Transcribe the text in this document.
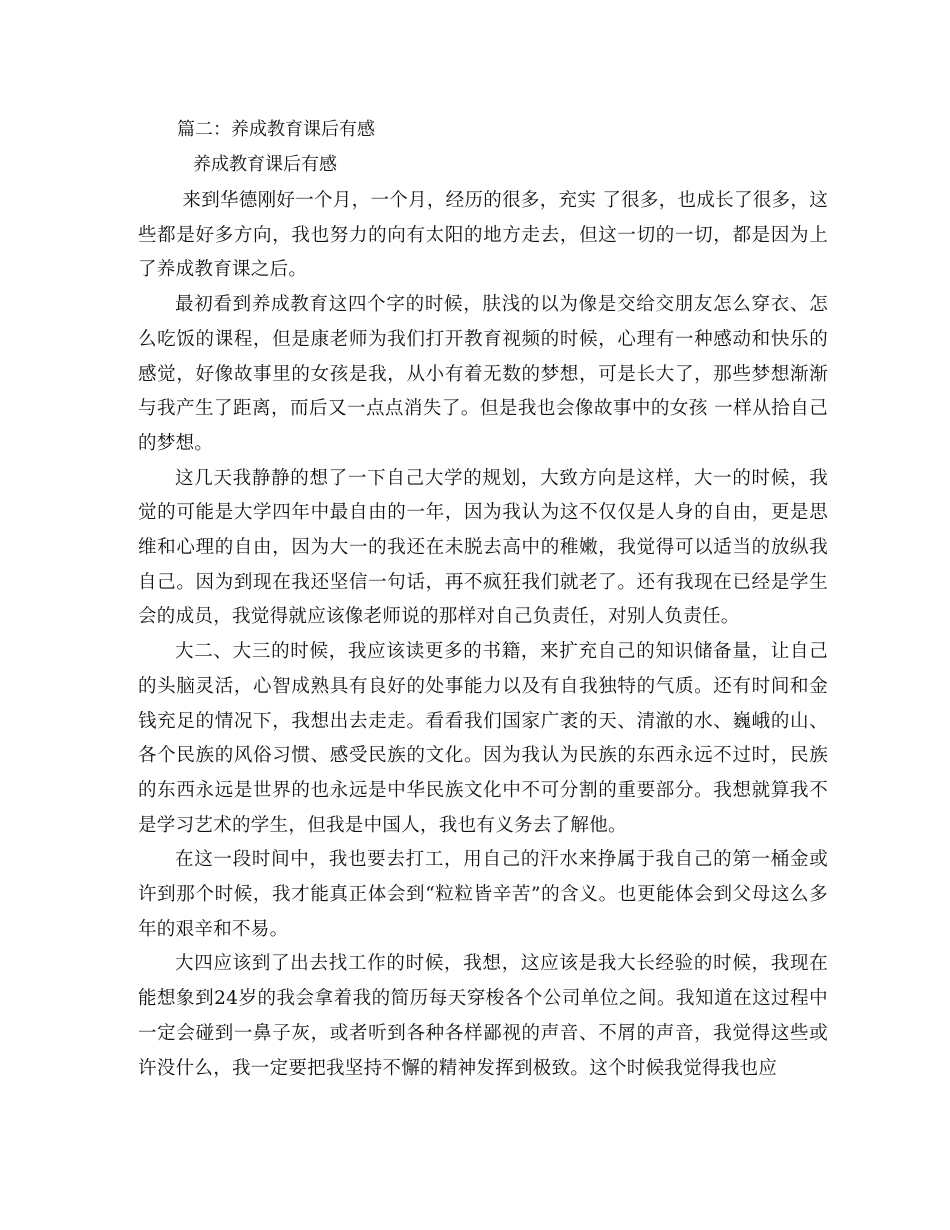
篇二：养成教育课后有感
养成教育课后有感

来到华德刚好一个月，一个月，经历的很多，充实 了很多，也成长了很多，这些都是好多方向，我也努力的向有太阳的地方走去，但这一切的一切，都是因为上了养成教育课之后。

最初看到养成教育这四个字的时候，肤浅的以为像是交给交朋友怎么穿衣、怎么吃饭的课程，但是康老师为我们打开教育视频的时候，心理有一种感动和快乐的感觉，好像故事里的女孩是我，从小有着无数的梦想，可是长大了，那些梦想渐渐与我产生了距离，而后又一点点消失了。但是我也会像故事中的女孩 一样从拾自己的梦想。

这几天我静静的想了一下自己大学的规划，大致方向是这样，大一的时候，我觉的可能是大学四年中最自由的一年，因为我认为这不仅仅是人身的自由，更是思维和心理的自由，因为大一的我还在未脱去高中的稚嫩，我觉得可以适当的放纵我自己。因为到现在我还坚信一句话，再不疯狂我们就老了。还有我现在已经是学生会的成员，我觉得就应该像老师说的那样对自己负责任，对别人负责任。

大二、大三的时候，我应该读更多的书籍，来扩充自己的知识储备量，让自己的头脑灵活，心智成熟具有良好的处事能力以及有自我独特的气质。还有时间和金钱充足的情况下，我想出去走走。看看我们国家广袤的天、清澈的水、巍峨的山、各个民族的风俗习惯、感受民族的文化。因为我认为民族的东西永远不过时，民族的东西永远是世界的也永远是中华民族文化中不可分割的重要部分。我想就算我不是学习艺术的学生，但我是中国人，我也有义务去了解他。

在这一段时间中，我也要去打工，用自己的汗水来挣属于我自己的第一桶金或许到那个时候，我才能真正体会到“粒粒皆辛苦”的含义。也更能体会到父母这么多年的艰辛和不易。

大四应该到了出去找工作的时候，我想，这应该是我大长经验的时候，我现在能想象到24岁的我会拿着我的简历每天穿梭各个公司单位之间。我知道在这过程中一定会碰到一鼻子灰，或者听到各种各样鄙视的声音、不屑的声音，我觉得这些或许没什么，我一定要把我坚持不懈的精神发挥到极致。这个时候我觉得我也应
